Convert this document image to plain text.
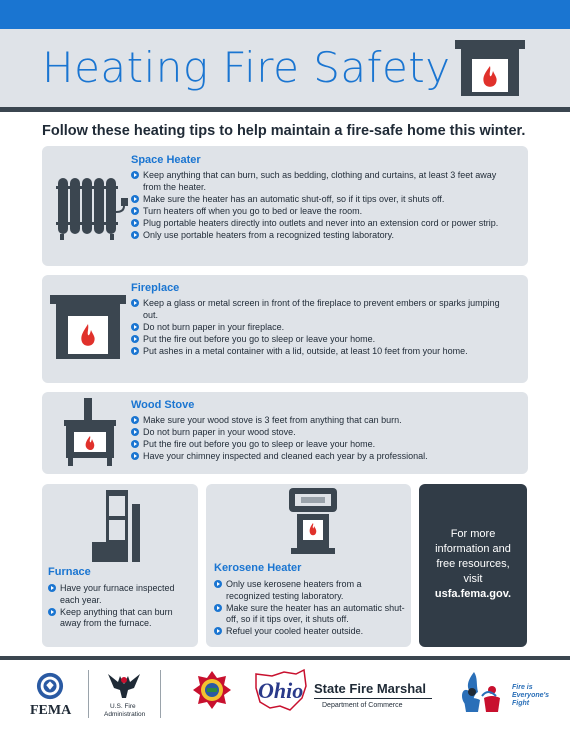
Heating Fire Safety
Follow these heating tips to help maintain a fire-safe home this winter.
Space Heater
Keep anything that can burn, such as bedding, clothing and curtains, at least 3 feet away from the heater.
Make sure the heater has an automatic shut-off, so if it tips over, it shuts off.
Turn heaters off when you go to bed or leave the room.
Plug portable heaters directly into outlets and never into an extension cord or power strip.
Only use portable heaters from a recognized testing laboratory.
Fireplace
Keep a glass or metal screen in front of the fireplace to prevent embers or sparks jumping out.
Do not burn paper in your fireplace.
Put the fire out before you go to sleep or leave your home.
Put ashes in a metal container with a lid, outside, at least 10 feet from your home.
Wood Stove
Make sure your wood stove is 3 feet from anything that can burn.
Do not burn paper in your wood stove.
Put the fire out before you go to sleep or leave your home.
Have your chimney inspected and cleaned each year by a professional.
Furnace
Have your furnace inspected each year.
Keep anything that can burn away from the furnace.
Kerosene Heater
Only use kerosene heaters from a recognized testing laboratory.
Make sure the heater has an automatic shut-off, so if it tips over, it shuts off.
Refuel your cooled heater outside.
For more information and free resources, visit
usfa.fema.gov.
FEMA	U.S. Fire
Administration
Ohio State Fire Marshal
Department of Commerce
Fire is
Everyone's
Fight
